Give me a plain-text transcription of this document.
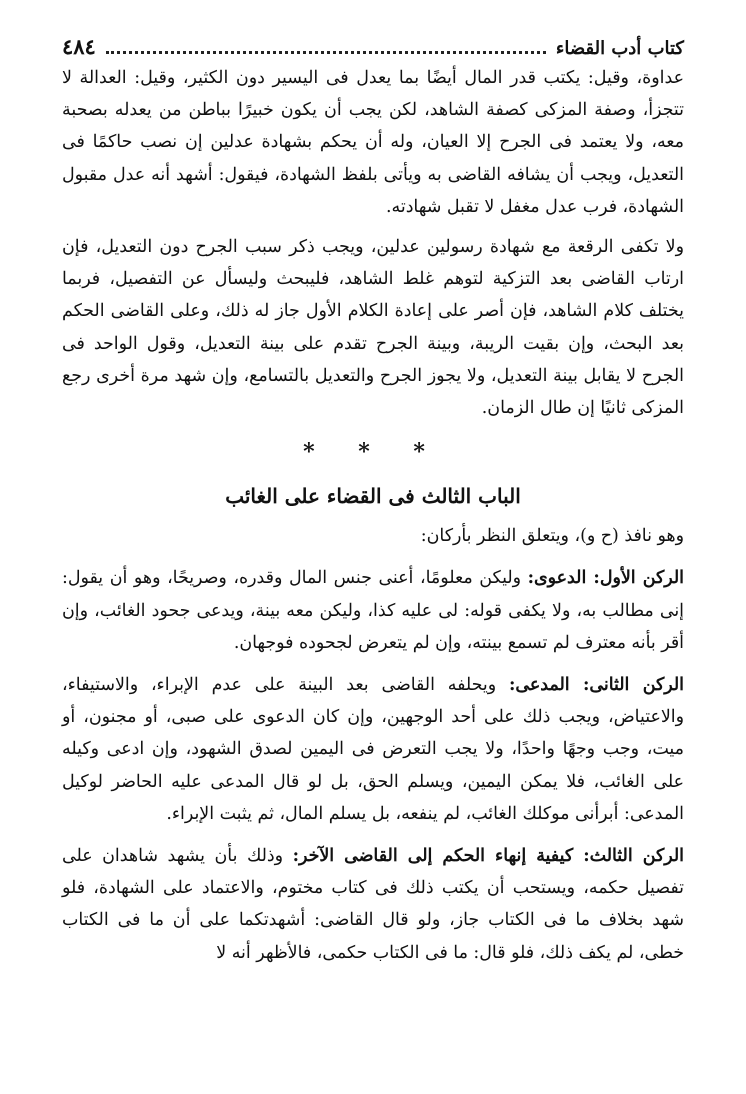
كتاب أدب القضاء
٤٨٤

عداوة، وقيل: يكتب قدر المال أيضًا بما يعدل فى اليسير دون الكثير، وقيل: العدالة لا تتجزأ، وصفة المزكى كصفة الشاهد، لكن يجب أن يكون خبيرًا بباطن من يعدله بصحبة معه، ولا يعتمد فى الجرح إلا العيان، وله أن يحكم بشهادة عدلين إن نصب حاكمًا فى التعديل، ويجب أن يشافه القاضى به ويأتى بلفظ الشهادة، فيقول: أشهد أنه عدل مقبول الشهادة، فرب عدل مغفل لا تقبل شهادته.

ولا تكفى الرقعة مع شهادة رسولين عدلين، ويجب ذكر سبب الجرح دون التعديل، فإن ارتاب القاضى بعد التزكية لتوهم غلط الشاهد، فليبحث وليسأل عن التفصيل، فربما يختلف كلام الشاهد، فإن أصر على إعادة الكلام الأول جاز له ذلك، وعلى القاضى الحكم بعد البحث، وإن بقيت الريبة، وبينة الجرح تقدم على بينة التعديل، وقول الواحد فى الجرح لا يقابل بينة التعديل، ولا يجوز الجرح والتعديل بالتسامع، وإن شهد مرة أخرى رجع المزكى ثانيًا إن طال الزمان.

* * *
الباب الثالث فى القضاء على الغائب

وهو نافذ (ح و)، ويتعلق النظر بأركان:

الركن الأول: الدعوى: وليكن معلومًا، أعنى جنس المال وقدره، وصريحًا، وهو أن يقول: إنى مطالب به، ولا يكفى قوله: لى عليه كذا، وليكن معه بينة، ويدعى جحود الغائب، وإن أقر بأنه معترف لم تسمع بينته، وإن لم يتعرض لجحوده فوجهان.

الركن الثانى: المدعى: ويحلفه القاضى بعد البينة على عدم الإبراء، والاستيفاء، والاعتياض، ويجب ذلك على أحد الوجهين، وإن كان الدعوى على صبى، أو مجنون، أو ميت، وجب وجهًا واحدًا، ولا يجب التعرض فى اليمين لصدق الشهود، وإن ادعى وكيله على الغائب، فلا يمكن اليمين، ويسلم الحق، بل لو قال المدعى عليه الحاضر لوكيل المدعى: أبرأنى موكلك الغائب، لم ينفعه، بل يسلم المال، ثم يثبت الإبراء.

الركن الثالث: كيفية إنهاء الحكم إلى القاضى الآخر: وذلك بأن يشهد شاهدان على تفصيل حكمه، ويستحب أن يكتب ذلك فى كتاب مختوم، والاعتماد على الشهادة، فلو شهد بخلاف ما فى الكتاب جاز، ولو قال القاضى: أشهدتكما على أن ما فى الكتاب خطى، لم يكف ذلك، فلو قال: ما فى الكتاب حكمى، فالأظهر أنه لا
